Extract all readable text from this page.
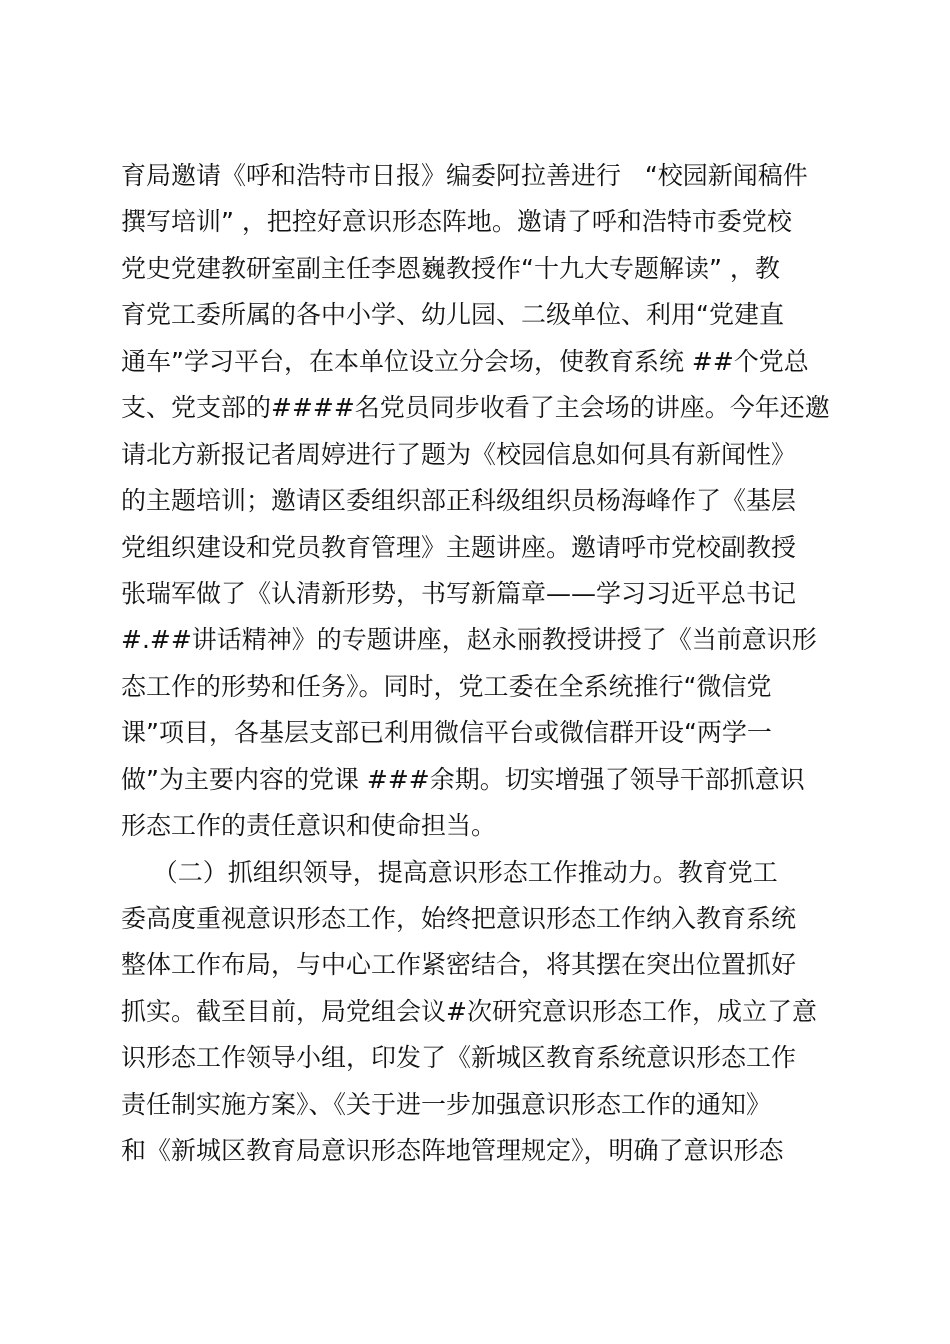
育局邀请《呼和浩特市日报》编委阿拉善进行   “校园新闻稿件
撰写培训” ，把控好意识形态阵地。邀请了呼和浩特市委党校
党史党建教研室副主任李恩巍教授作“十九大专题解读” ，教
育党工委所属的各中小学、幼儿园、二级单位、利用“党建直
通车”学习平台，在本单位设立分会场，使教育系统 ##个党总
支、党支部的####名党员同步收看了主会场的讲座。今年还邀
请北方新报记者周婷进行了题为《校园信息如何具有新闻性》
的主题培训；邀请区委组织部正科级组织员杨海峰作了《基层
党组织建设和党员教育管理》主题讲座。邀请呼市党校副教授
张瑞军做了《认清新形势，书写新篇章——学习习近平总书记
#.##讲话精神》的专题讲座，赵永丽教授讲授了《当前意识形
态工作的形势和任务》。同时，党工委在全系统推行“微信党
课”项目，各基层支部已利用微信平台或微信群开设“两学一
做”为主要内容的党课 ###余期。切实增强了领导干部抓意识
形态工作的责任意识和使命担当。
（二）抓组织领导，提高意识形态工作推动力。教育党工
委高度重视意识形态工作，始终把意识形态工作纳入教育系统
整体工作布局，与中心工作紧密结合，将其摆在突出位置抓好
抓实。截至目前，局党组会议#次研究意识形态工作，成立了意
识形态工作领导小组，印发了《新城区教育系统意识形态工作
责任制实施方案》、《关于进一步加强意识形态工作的通知》
和《新城区教育局意识形态阵地管理规定》，明确了意识形态
